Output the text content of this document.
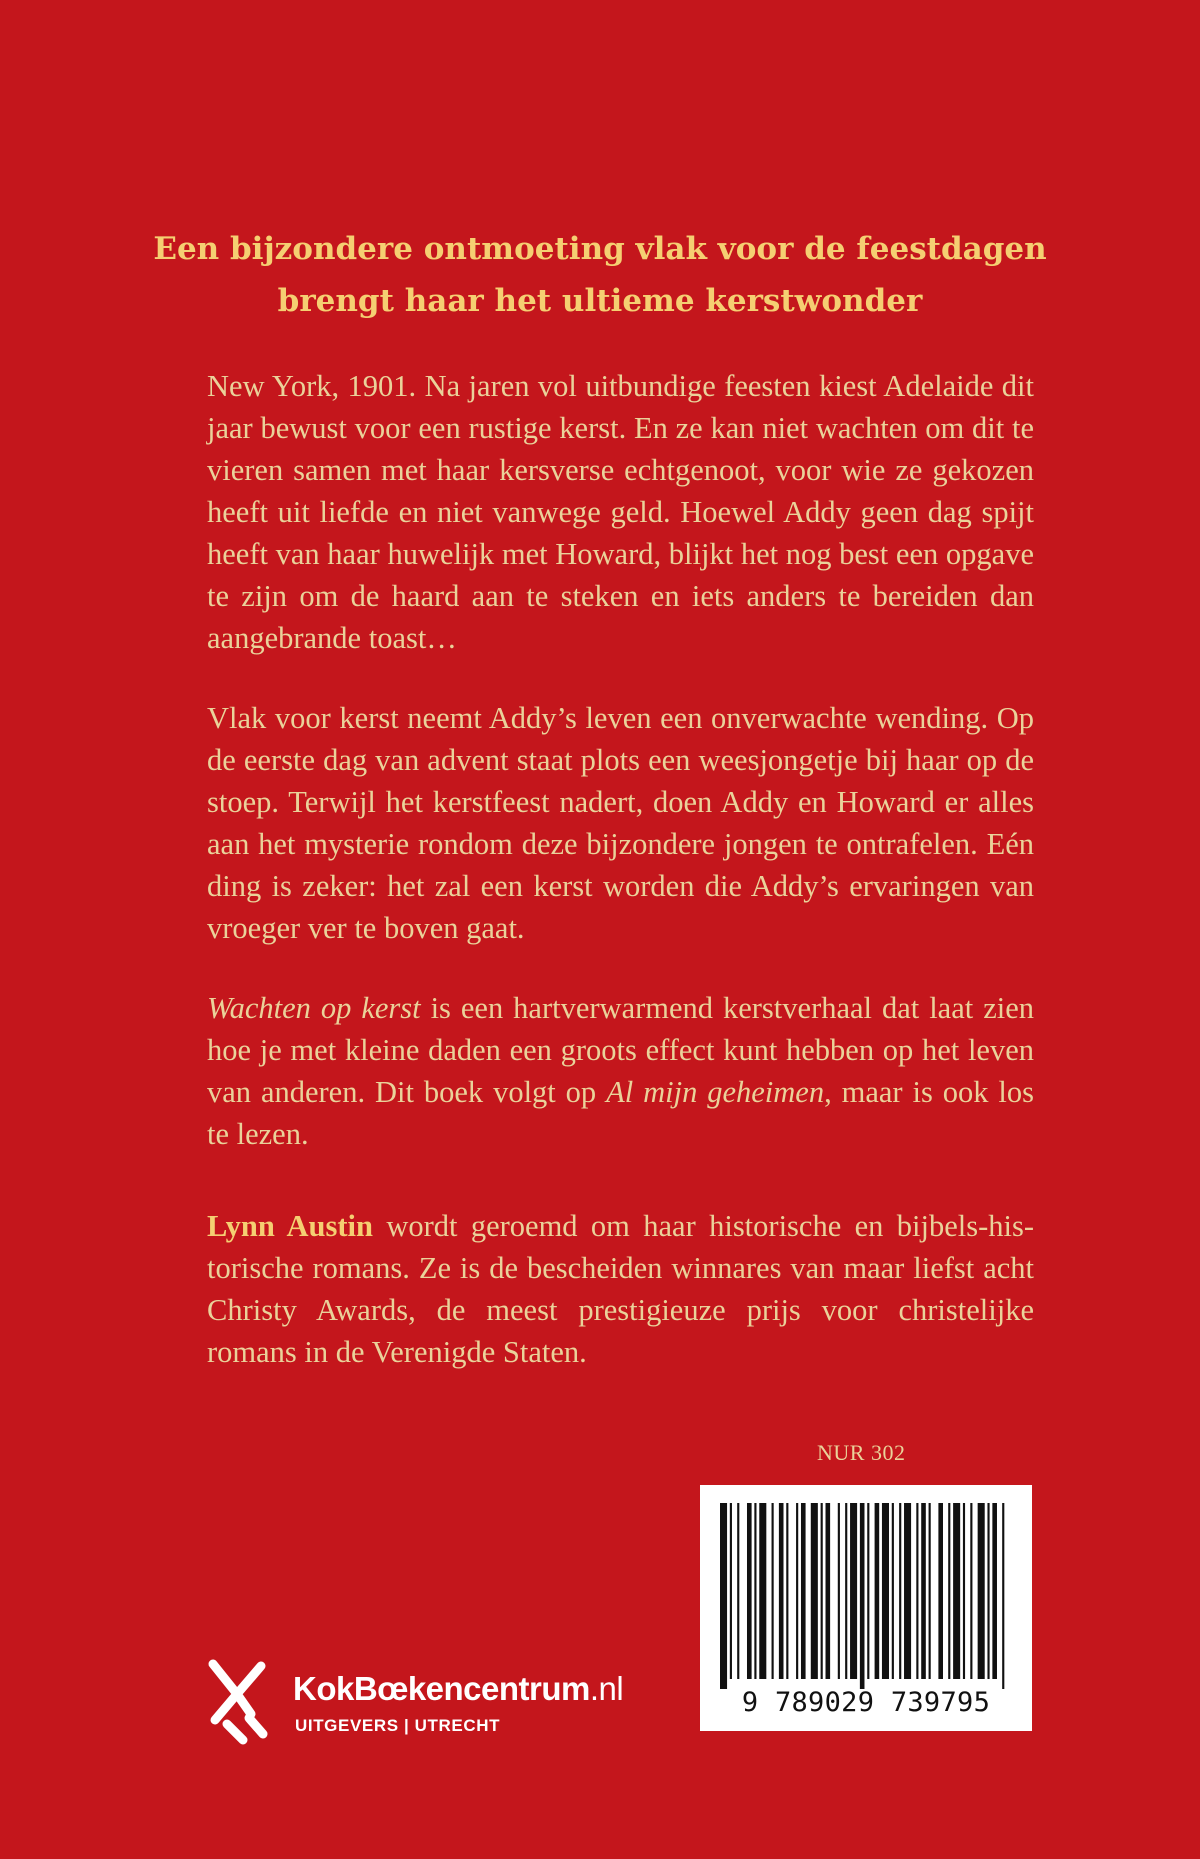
Een bijzondere ontmoeting vlak voor de feestdagen
brengt haar het ultieme kerstwonder

New York, 1901. Na jaren vol uitbundige feesten kiest Adelaide dit jaar bewust voor een rustige kerst. En ze kan niet wachten om dit te vieren samen met haar kersverse echtgenoot, voor wie ze gekozen heeft uit liefde en niet vanwege geld. Hoewel Addy geen dag spijt heeft van haar huwelijk met Howard, blijkt het nog best een opgave te zijn om de haard aan te steken en iets anders te bereiden dan aangebrande toast…

Vlak voor kerst neemt Addy’s leven een onverwachte wending. Op de eerste dag van advent staat plots een weesjongetje bij haar op de stoep. Terwijl het kerstfeest nadert, doen Addy en Howard er alles aan het mysterie rondom deze bijzondere jongen te ontrafelen. Eén ding is zeker: het zal een kerst worden die Addy’s ervaringen van vroeger ver te boven gaat.

Wachten op kerst is een hartverwarmend kerstverhaal dat laat zien hoe je met kleine daden een groots effect kunt hebben op het leven van anderen. Dit boek volgt op Al mijn geheimen, maar is ook los te lezen.

Lynn Austin wordt geroemd om haar historische en bijbels-historische romans. Ze is de bescheiden winnares van maar liefst acht Christy Awards, de meest prestigieuze prijs voor christelijke romans in de Verenigde Staten.

NUR 302
9 789029 739795
KokBœkencentrum.nl
UITGEVERS | UTRECHT
